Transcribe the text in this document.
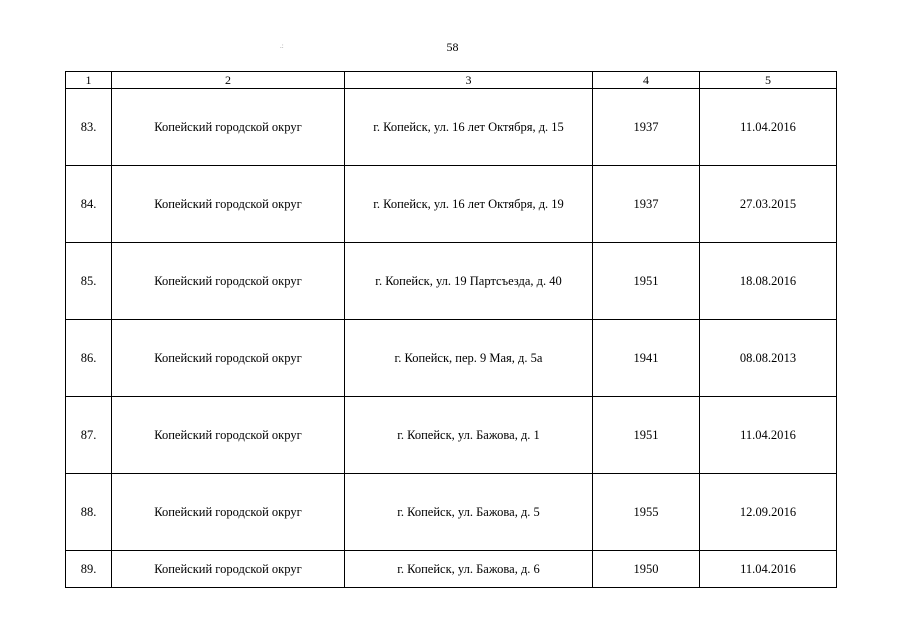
.:	58
1	2	3	4	5
83.	Копейский городской округ	г. Копейск, ул. 16 лет Октября, д. 15	1937	11.04.2016
84.	Копейский городской округ	г. Копейск, ул. 16 лет Октября, д. 19	1937	27.03.2015
85.	Копейский городской округ	г. Копейск, ул. 19 Партсъезда, д. 40	1951	18.08.2016
86.	Копейский городской округ	г. Копейск, пер. 9 Мая, д. 5а	1941	08.08.2013
87.	Копейский городской округ	г. Копейск, ул. Бажова, д. 1	1951	11.04.2016
88.	Копейский городской округ	г. Копейск, ул. Бажова, д. 5	1955	12.09.2016
89.	Копейский городской округ	г. Копейск, ул. Бажова, д. 6	1950	11.04.2016
